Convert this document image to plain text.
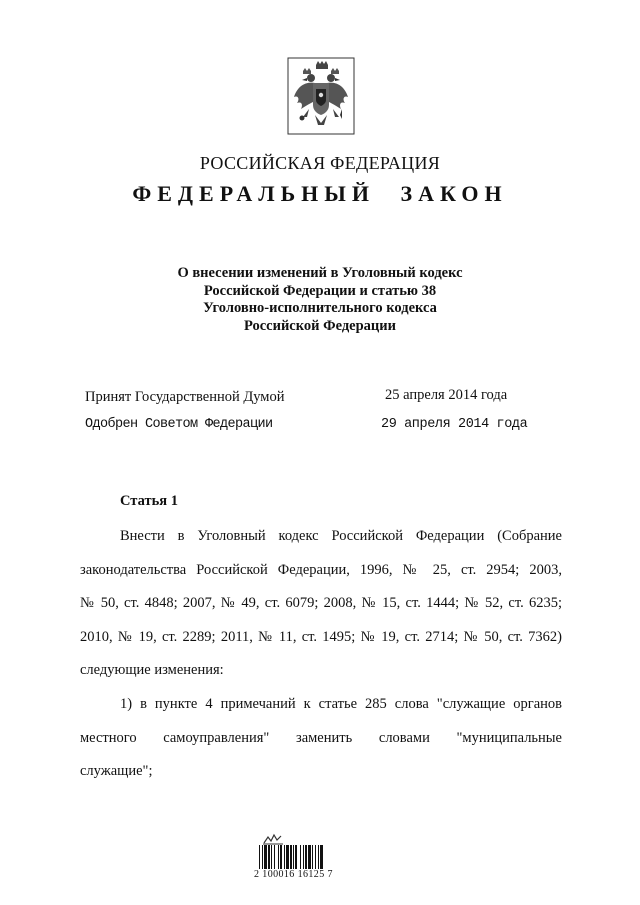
РОССИЙСКАЯ ФЕДЕРАЦИЯ
ФЕДЕРАЛЬНЫЙ ЗАКОН
О внесении изменений в Уголовный кодекс
Российской Федерации и статью 38
Уголовно-исполнительного кодекса
Российской Федерации
Принят Государственной Думой	25 апреля 2014 года
Одобрен Советом Федерации	29 апреля 2014 года
Статья 1
Внести в Уголовный кодекс Российской Федерации (Собрание
законодательства Российской Федерации, 1996, № 25, ст. 2954; 2003,
№ 50, ст. 4848; 2007, № 49, ст. 6079; 2008, № 15, ст. 1444; № 52, ст. 6235;
2010, № 19, ст. 2289; 2011, № 11, ст. 1495; № 19, ст. 2714; № 50, ст. 7362)
следующие изменения:
1) в пункте 4 примечаний к статье 285 слова "служащие органов
местного самоуправления" заменить словами "муниципальные
служащие";
2 100016 16125 7
